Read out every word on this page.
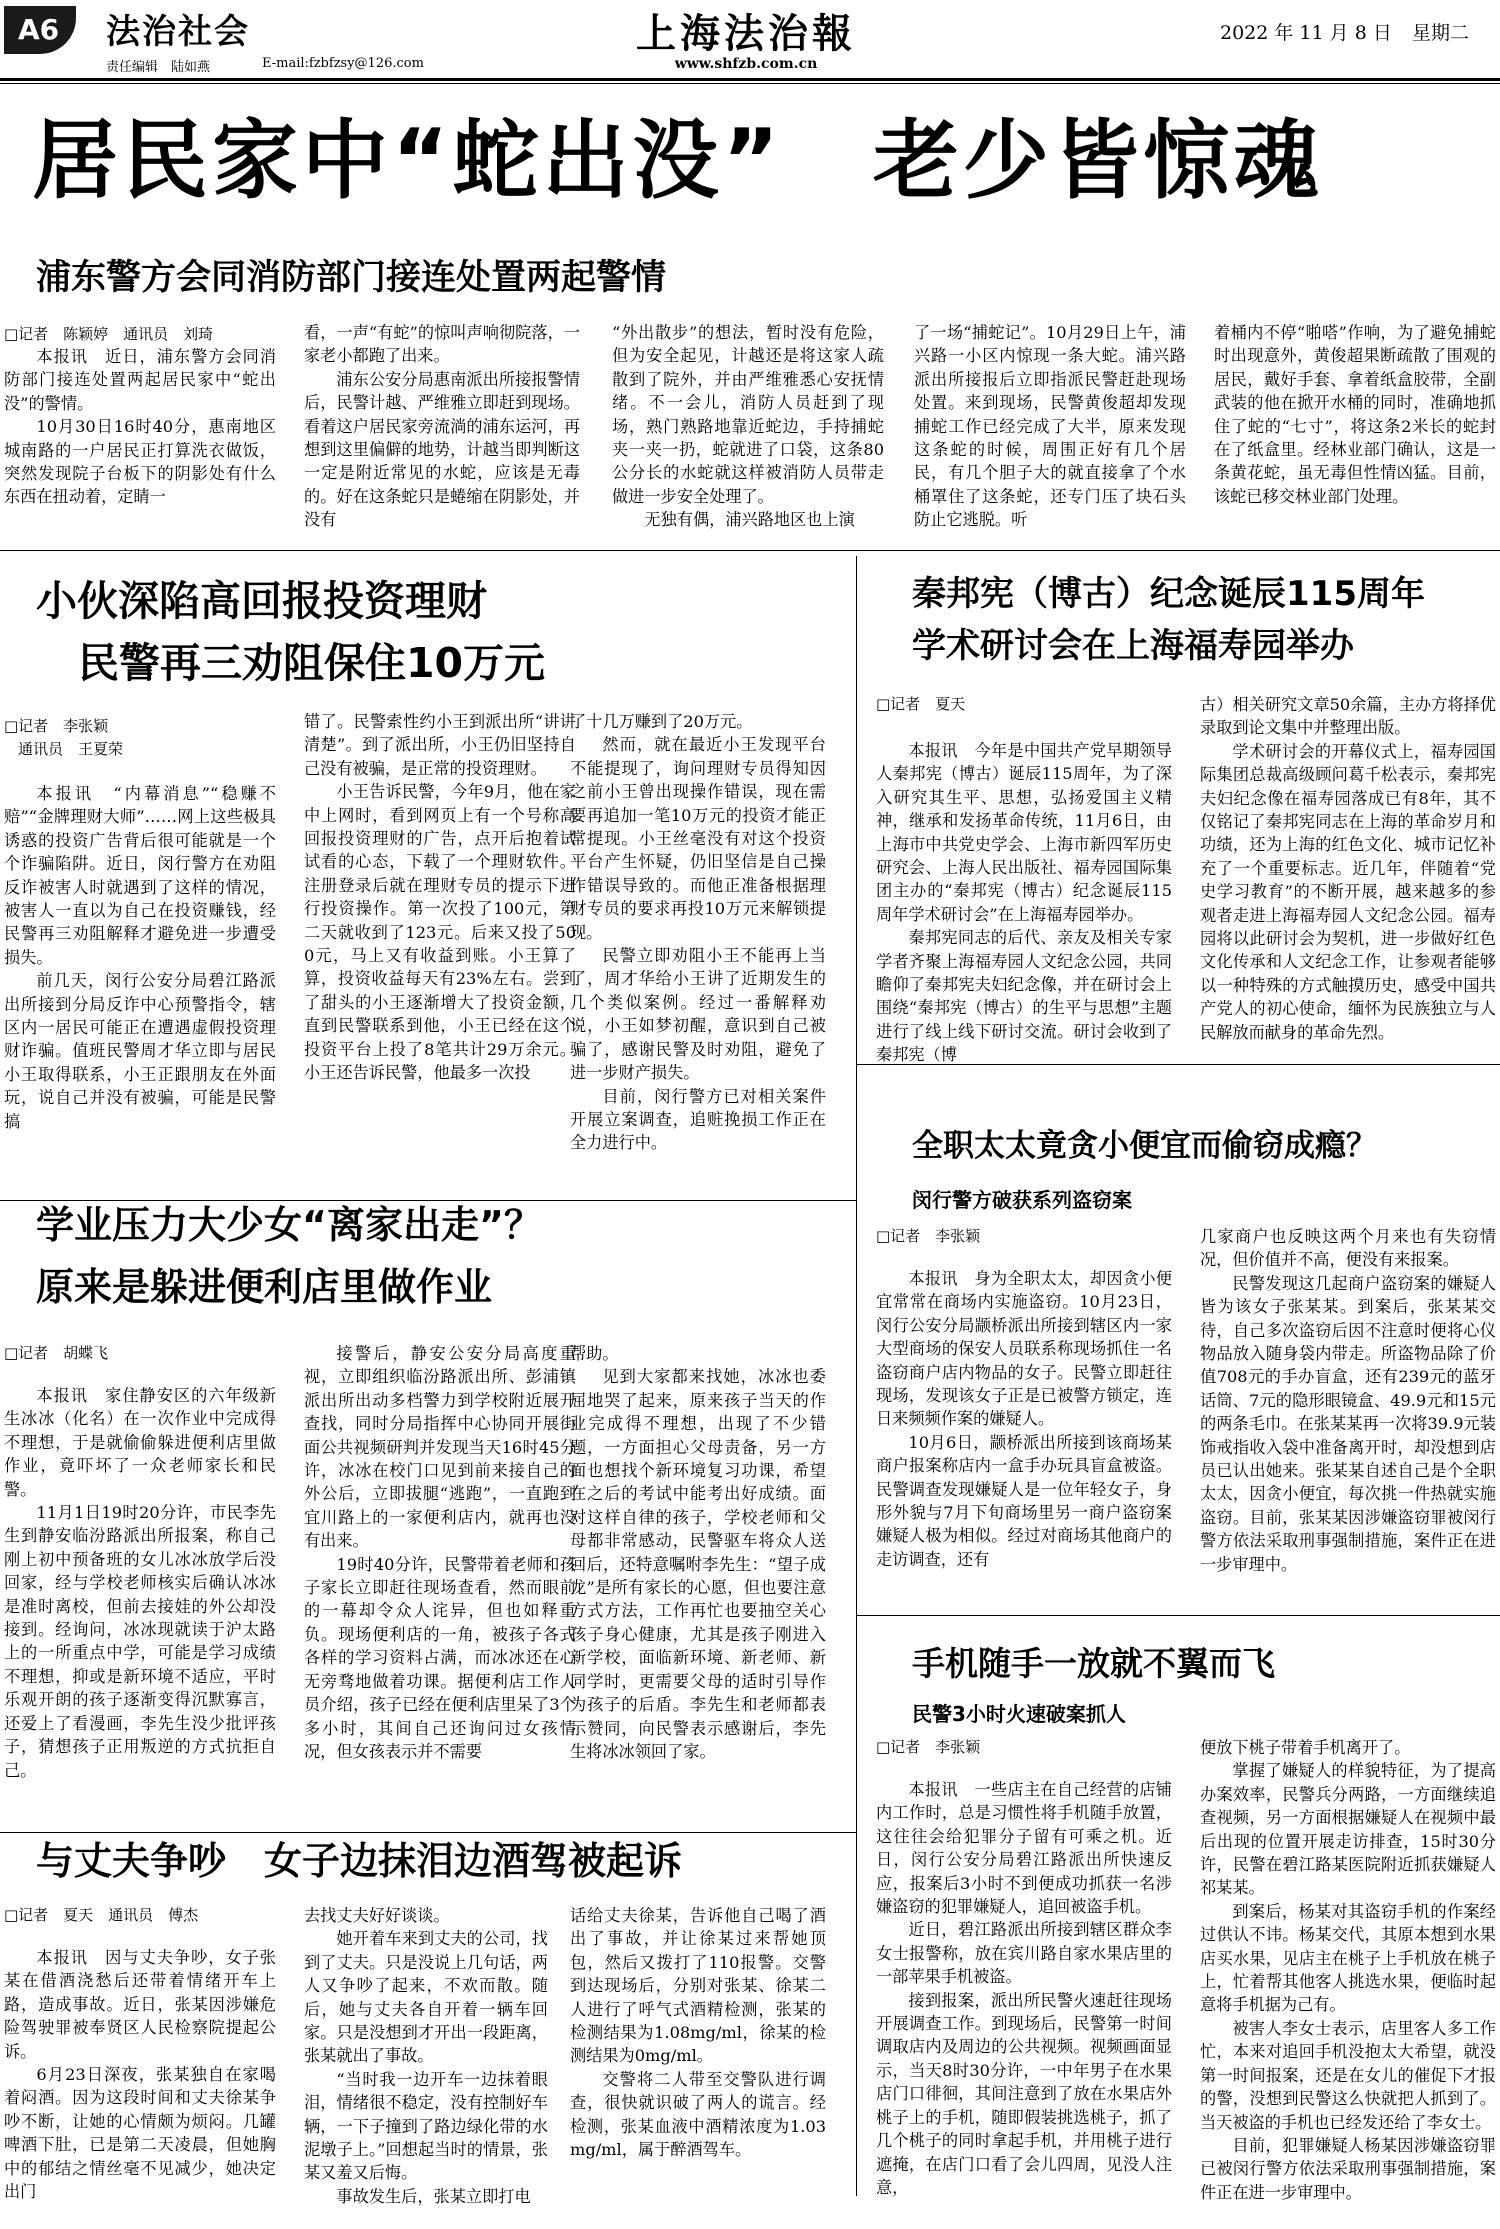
A6	法治社会
责任编辑　陆如燕	E-mail:fzbfzsy@126.com
上海法治報
www.shfzb.com.cn
2022 年 11 月 8 日 星期二
居民家中“蛇出没”　老少皆惊魂
浦东警方会同消防部门接连处置两起警情
□记者　陈颖婷　通讯员　刘琦

本报讯　近日，浦东警方会同消防部门接连处置两起居民家中“蛇出没”的警情。

10月30日16时40分，惠南地区城南路的一户居民正打算洗衣做饭，突然发现院子台板下的阴影处有什么东西在扭动着，定睛一

看，一声“有蛇”的惊叫声响彻院落，一家老小都跑了出来。

浦东公安分局惠南派出所接报警情后，民警计越、严维雅立即赶到现场。看着这户居民家旁流淌的浦东运河，再想到这里偏僻的地势，计越当即判断这一定是附近常见的水蛇，应该是无毒的。好在这条蛇只是蜷缩在阴影处，并没有

“外出散步”的想法，暂时没有危险，但为安全起见，计越还是将这家人疏散到了院外，并由严维雅悉心安抚情绪。不一会儿，消防人员赶到了现场，熟门熟路地靠近蛇边，手持捕蛇夹一夹一扔，蛇就进了口袋，这条80公分长的水蛇就这样被消防人员带走做进一步安全处理了。

无独有偶，浦兴路地区也上演

了一场“捕蛇记”。10月29日上午，浦兴路一小区内惊现一条大蛇。浦兴路派出所接报后立即指派民警赶赴现场处置。来到现场，民警黄俊超却发现捕蛇工作已经完成了大半，原来发现这条蛇的时候，周围正好有几个居民，有几个胆子大的就直接拿了个水桶罩住了这条蛇，还专门压了块石头防止它逃脱。听

着桶内不停“啪嗒”作响，为了避免捕蛇时出现意外，黄俊超果断疏散了围观的居民，戴好手套、拿着纸盒胶带，全副武装的他在掀开水桶的同时，准确地抓住了蛇的“七寸”，将这条2米长的蛇封在了纸盒里。经林业部门确认，这是一条黄花蛇，虽无毒但性情凶猛。目前，该蛇已移交林业部门处理。

小伙深陷高回报投资理财
民警再三劝阻保住10万元
□记者　李张颖
通讯员　王夏荣

本报讯　“内幕消息”“稳赚不赔”“金牌理财大师”……网上这些极具诱惑的投资广告背后很可能就是一个个诈骗陷阱。近日，闵行警方在劝阻反诈被害人时就遇到了这样的情况，被害人一直以为自己在投资赚钱，经民警再三劝阻解释才避免进一步遭受损失。

前几天，闵行公安分局碧江路派出所接到分局反诈中心预警指令，辖区内一居民可能正在遭遇虚假投资理财诈骗。值班民警周才华立即与居民小王取得联系，小王正跟朋友在外面玩，说自己并没有被骗，可能是民警搞

错了。民警索性约小王到派出所“讲讲清楚”。到了派出所，小王仍旧坚持自己没有被骗，是正常的投资理财。

小王告诉民警，今年9月，他在家中上网时，看到网页上有一个号称高回报投资理财的广告，点开后抱着试试看的心态，下载了一个理财软件。注册登录后就在理财专员的提示下进行投资操作。第一次投了100元，第二天就收到了123元。后来又投了500元，马上又有收益到账。小王算了算，投资收益每天有23%左右。尝到了甜头的小王逐渐增大了投资金额，直到民警联系到他，小王已经在这个投资平台上投了8笔共计29万余元。小王还告诉民警，他最多一次投

了十几万赚到了20万元。

然而，就在最近小王发现平台不能提现了，询问理财专员得知因之前小王曾出现操作错误，现在需要再追加一笔10万元的投资才能正常提现。小王丝毫没有对这个投资平台产生怀疑，仍旧坚信是自己操作错误导致的。而他正准备根据理财专员的要求再投10万元来解锁提现。

民警立即劝阻小王不能再上当了，周才华给小王讲了近期发生的几个类似案例。经过一番解释劝说，小王如梦初醒，意识到自己被骗了，感谢民警及时劝阻，避免了进一步财产损失。

目前，闵行警方已对相关案件开展立案调查，追赃挽损工作正在全力进行中。

秦邦宪（博古）纪念诞辰115周年
学术研讨会在上海福寿园举办
□记者　夏天

本报讯　今年是中国共产党早期领导人秦邦宪（博古）诞辰115周年，为了深入研究其生平、思想，弘扬爱国主义精神，继承和发扬革命传统，11月6日，由上海市中共党史学会、上海市新四军历史研究会、上海人民出版社、福寿园国际集团主办的“秦邦宪（博古）纪念诞辰115周年学术研讨会”在上海福寿园举办。

秦邦宪同志的后代、亲友及相关专家学者齐聚上海福寿园人文纪念公园，共同瞻仰了秦邦宪夫妇纪念像，并在研讨会上围绕“秦邦宪（博古）的生平与思想”主题进行了线上线下研讨交流。研讨会收到了秦邦宪（博

古）相关研究文章50余篇，主办方将择优录取到论文集中并整理出版。

学术研讨会的开幕仪式上，福寿园国际集团总裁高级顾问葛千松表示，秦邦宪夫妇纪念像在福寿园落成已有8年，其不仅铭记了秦邦宪同志在上海的革命岁月和功绩，还为上海的红色文化、城市记忆补充了一个重要标志。近几年，伴随着“党史学习教育”的不断开展，越来越多的参观者走进上海福寿园人文纪念公园。福寿园将以此研讨会为契机，进一步做好红色文化传承和人文纪念工作，让参观者能够以一种特殊的方式触摸历史，感受中国共产党人的初心使命，缅怀为民族独立与人民解放而献身的革命先烈。

全职太太竟贪小便宜而偷窃成瘾？
闵行警方破获系列盗窃案
□记者　李张颖

本报讯　身为全职太太，却因贪小便宜常常在商场内实施盗窃。10月23日，闵行公安分局颛桥派出所接到辖区内一家大型商场的保安人员联系称现场抓住一名盗窃商户店内物品的女子。民警立即赶往现场，发现该女子正是已被警方锁定，连日来频频作案的嫌疑人。

10月6日，颛桥派出所接到该商场某商户报案称店内一盒手办玩具盲盒被盗。民警调查发现嫌疑人是一位年轻女子，身形外貌与7月下旬商场里另一商户盗窃案嫌疑人极为相似。经过对商场其他商户的走访调查，还有

几家商户也反映这两个月来也有失窃情况，但价值并不高，便没有来报案。

民警发现这几起商户盗窃案的嫌疑人皆为该女子张某某。到案后，张某某交待，自己多次盗窃后因不注意时便将心仪物品放入随身袋内带走。所盗物品除了价值708元的手办盲盒，还有239元的蓝牙话筒、7元的隐形眼镜盒、49.9元和15元的两条毛巾。在张某某再一次将39.9元装饰戒指收入袋中准备离开时，却没想到店员已认出她来。张某某自述自己是个全职太太，因贪小便宜，每次挑一件热就实施盗窃。目前，张某某因涉嫌盗窃罪被闵行警方依法采取刑事强制措施，案件正在进一步审理中。

手机随手一放就不翼而飞
民警3小时火速破案抓人
□记者　李张颖

本报讯　一些店主在自己经营的店铺内工作时，总是习惯性将手机随手放置，这往往会给犯罪分子留有可乘之机。近日，闵行公安分局碧江路派出所快速反应，报案后3小时不到便成功抓获一名涉嫌盗窃的犯罪嫌疑人，追回被盗手机。

近日，碧江路派出所接到辖区群众李女士报警称，放在宾川路自家水果店里的一部苹果手机被盗。

接到报案，派出所民警火速赶往现场开展调查工作。到现场后，民警第一时间调取店内及周边的公共视频。视频画面显示，当天8时30分许，一中年男子在水果店门口徘徊，其间注意到了放在水果店外桃子上的手机，随即假装挑选桃子，抓了几个桃子的同时拿起手机，并用桃子进行遮掩，在店门口看了会儿四周，见没人注意，

便放下桃子带着手机离开了。

掌握了嫌疑人的样貌特征，为了提高办案效率，民警兵分两路，一方面继续追查视频，另一方面根据嫌疑人在视频中最后出现的位置开展走访排查，15时30分许，民警在碧江路某医院附近抓获嫌疑人祁某某。

到案后，杨某对其盗窃手机的作案经过供认不讳。杨某交代，其原本想到水果店买水果，见店主在桃子上手机放在桃子上，忙着帮其他客人挑选水果，便临时起意将手机据为己有。

被害人李女士表示，店里客人多工作忙，本来对追回手机没抱太大希望，就没第一时间报案，还是在女儿的催促下才报的警，没想到民警这么快就把人抓到了。当天被盗的手机也已经发还给了李女士。

目前，犯罪嫌疑人杨某因涉嫌盗窃罪已被闵行警方依法采取刑事强制措施，案件正在进一步审理中。

学业压力大少女“离家出走”？
原来是躲进便利店里做作业
□记者　胡蝶飞

本报讯　家住静安区的六年级新生冰冰（化名）在一次作业中完成得不理想，于是就偷偷躲进便利店里做作业，竟吓坏了一众老师家长和民警。

11月1日19时20分许，市民李先生到静安临汾路派出所报案，称自己刚上初中预备班的女儿冰冰放学后没回家，经与学校老师核实后确认冰冰是准时离校，但前去接娃的外公却没接到。经询问，冰冰现就读于沪太路上的一所重点中学，可能是学习成绩不理想，抑或是新环境不适应，平时乐观开朗的孩子逐渐变得沉默寡言，还爱上了看漫画，李先生没少批评孩子，猜想孩子正用叛逆的方式抗拒自己。

接警后，静安公安分局高度重视，立即组织临汾路派出所、彭浦镇派出所出动多档警力到学校附近展开查找，同时分局指挥中心协同开展街面公共视频研判并发现当天16时45分许，冰冰在校门口见到前来接自己的外公后，立即拔腿“逃跑”，一直跑到宜川路上的一家便利店内，就再也没有出来。

19时40分许，民警带着老师和孩子家长立即赶往现场查看，然而眼前的一幕却令众人诧异，但也如释重负。现场便利店的一角，被孩子各式各样的学习资料占满，而冰冰还在心无旁骛地做着功课。据便利店工作人员介绍，孩子已经在便利店里呆了3个多小时，其间自己还询问过女孩情况，但女孩表示并不需要

帮助。

见到大家都来找她，冰冰也委屈地哭了起来，原来孩子当天的作业完成得不理想，出现了不少错题，一方面担心父母责备，另一方面也想找个新环境复习功课，希望在之后的考试中能考出好成绩。面对这样自律的孩子，学校老师和父母都非常感动，民警驱车将众人送回后，还特意嘱咐李先生：“望子成龙”是所有家长的心愿，但也要注意方式方法，工作再忙也要抽空关心孩子身心健康，尤其是孩子刚进入新学校，面临新环境、新老师、新同学时，更需要父母的适时引导作为孩子的后盾。李先生和老师都表示赞同，向民警表示感谢后，李先生将冰冰领回了家。

与丈夫争吵　女子边抹泪边酒驾被起诉
□记者　夏天　通讯员　傅杰

本报讯　因与丈夫争吵，女子张某在借酒浇愁后还带着情绪开车上路，造成事故。近日，张某因涉嫌危险驾驶罪被奉贤区人民检察院提起公诉。

6月23日深夜，张某独自在家喝着闷酒。因为这段时间和丈夫徐某争吵不断，让她的心情颇为烦闷。几罐啤酒下肚，已是第二天凌晨，但她胸中的郁结之情丝毫不见减少，她决定出门

去找丈夫好好谈谈。

她开着车来到丈夫的公司，找到了丈夫。只是没说上几句话，两人又争吵了起来，不欢而散。随后，她与丈夫各自开着一辆车回家。只是没想到才开出一段距离，张某就出了事故。

“当时我一边开车一边抹着眼泪，情绪很不稳定，没有控制好车辆，一下子撞到了路边绿化带的水泥墩子上。”回想起当时的情景，张某又羞又后悔。

事故发生后，张某立即打电

话给丈夫徐某，告诉他自己喝了酒出了事故，并让徐某过来帮她顶包，然后又拨打了110报警。交警到达现场后，分别对张某、徐某二人进行了呼气式酒精检测，张某的检测结果为1.08mg/ml，徐某的检测结果为0mg/ml。

交警将二人带至交警队进行调查，很快就识破了两人的谎言。经检测，张某血液中酒精浓度为1.03mg/ml，属于醉酒驾车。
